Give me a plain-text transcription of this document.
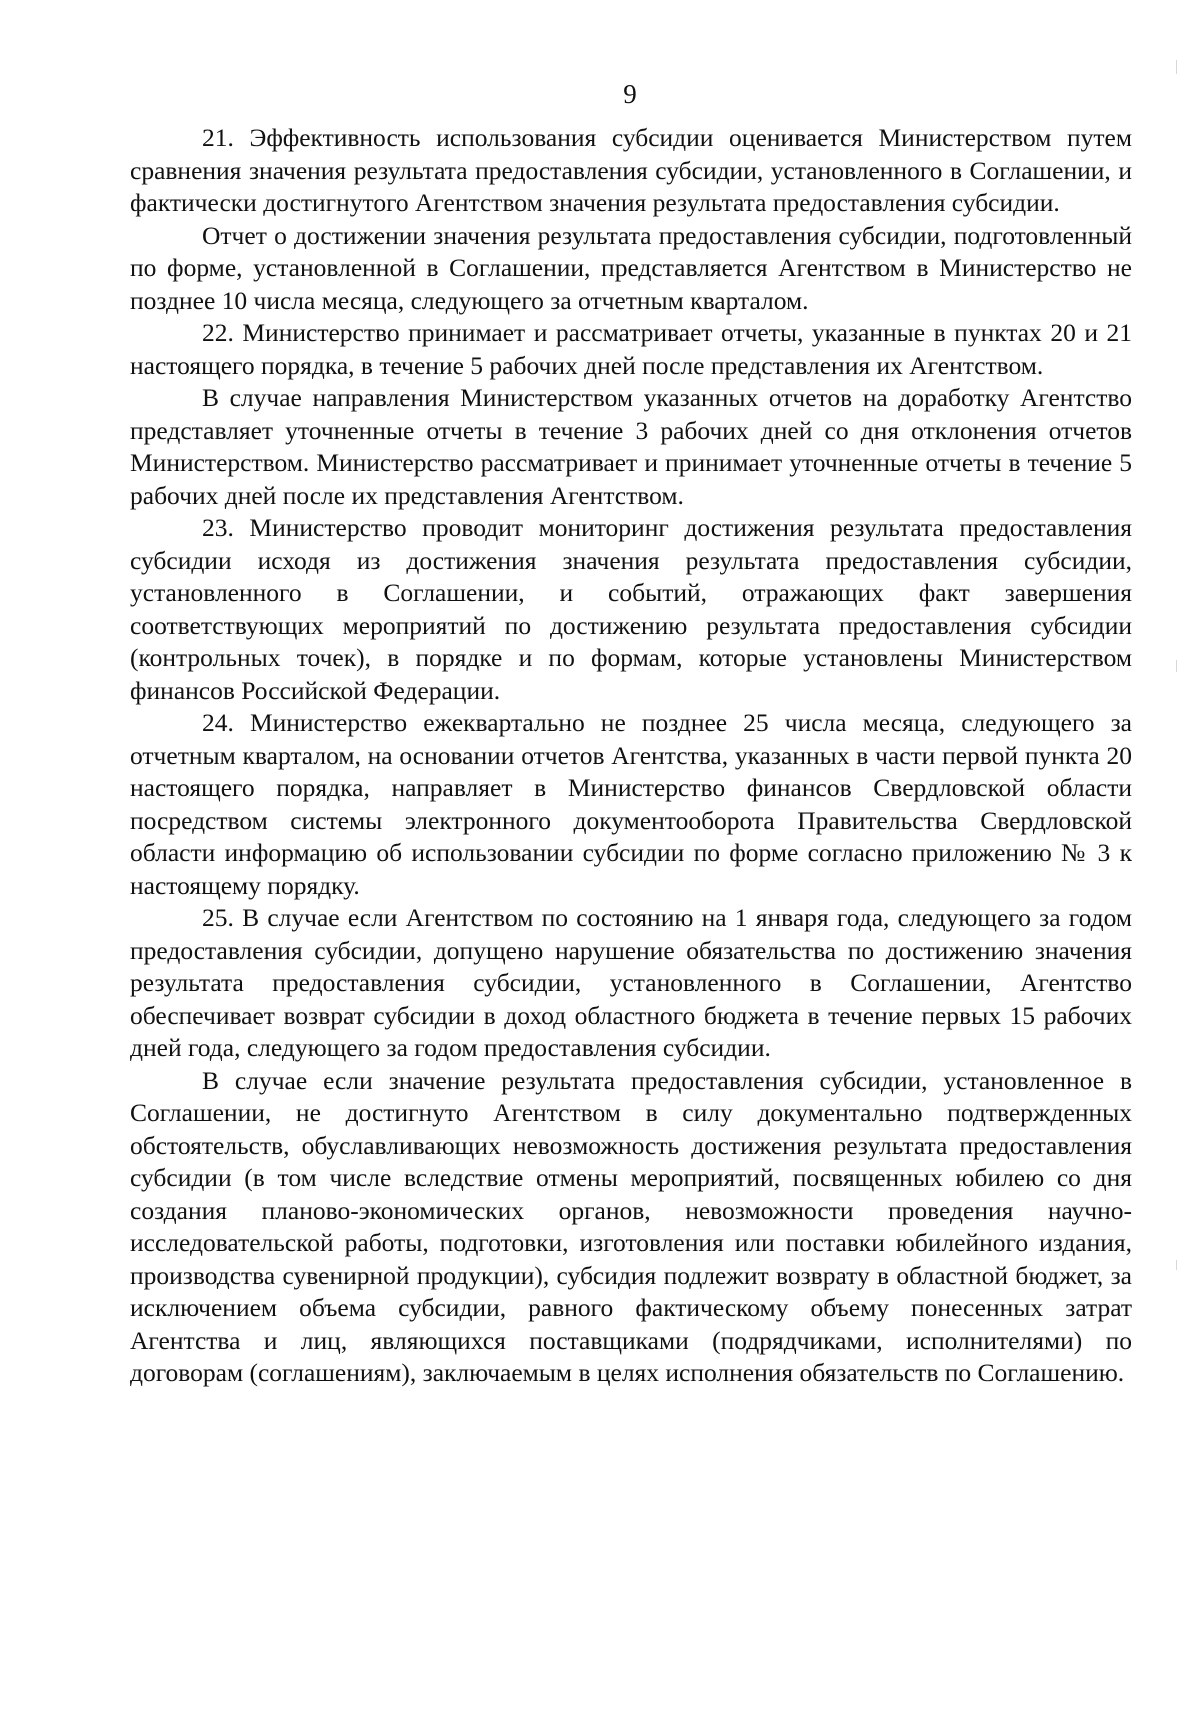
9

21. Эффективность использования субсидии оценивается Министерством путем сравнения значения результата предоставления субсидии, установленного в Соглашении, и фактически достигнутого Агентством значения результата предоставления субсидии.

Отчет о достижении значения результата предоставления субсидии, подготовленный по форме, установленной в Соглашении, представляется Агентством в Министерство не позднее 10 числа месяца, следующего за отчетным кварталом.

22. Министерство принимает и рассматривает отчеты, указанные в пунктах 20 и 21 настоящего порядка, в течение 5 рабочих дней после представления их Агентством.

В случае направления Министерством указанных отчетов на доработку Агентство представляет уточненные отчеты в течение 3 рабочих дней со дня отклонения отчетов Министерством. Министерство рассматривает и принимает уточненные отчеты в течение 5 рабочих дней после их представления Агентством.

23. Министерство проводит мониторинг достижения результата предоставления субсидии исходя из достижения значения результата предоставления субсидии, установленного в Соглашении, и событий, отражающих факт завершения соответствующих мероприятий по достижению результата предоставления субсидии (контрольных точек), в порядке и по формам, которые установлены Министерством финансов Российской Федерации.

24. Министерство ежеквартально не позднее 25 числа месяца, следующего за отчетным кварталом, на основании отчетов Агентства, указанных в части первой пункта 20 настоящего порядка, направляет в Министерство финансов Свердловской области посредством системы электронного документооборота Правительства Свердловской области информацию об использовании субсидии по форме согласно приложению № 3 к настоящему порядку.

25. В случае если Агентством по состоянию на 1 января года, следующего за годом предоставления субсидии, допущено нарушение обязательства по достижению значения результата предоставления субсидии, установленного в Соглашении, Агентство обеспечивает возврат субсидии в доход областного бюджета в течение первых 15 рабочих дней года, следующего за годом предоставления субсидии.

В случае если значение результата предоставления субсидии, установленное в Соглашении, не достигнуто Агентством в силу документально подтвержденных обстоятельств, обуславливающих невозможность достижения результата предоставления субсидии (в том числе вследствие отмены мероприятий, посвященных юбилею со дня создания планово-экономических органов, невозможности проведения научно-исследовательской работы, подготовки, изготовления или поставки юбилейного издания, производства сувенирной продукции), субсидия подлежит возврату в областной бюджет, за исключением объема субсидии, равного фактическому объему понесенных затрат Агентства и лиц, являющихся поставщиками (подрядчиками, исполнителями) по договорам (соглашениям), заключаемым в целях исполнения обязательств по Соглашению.
